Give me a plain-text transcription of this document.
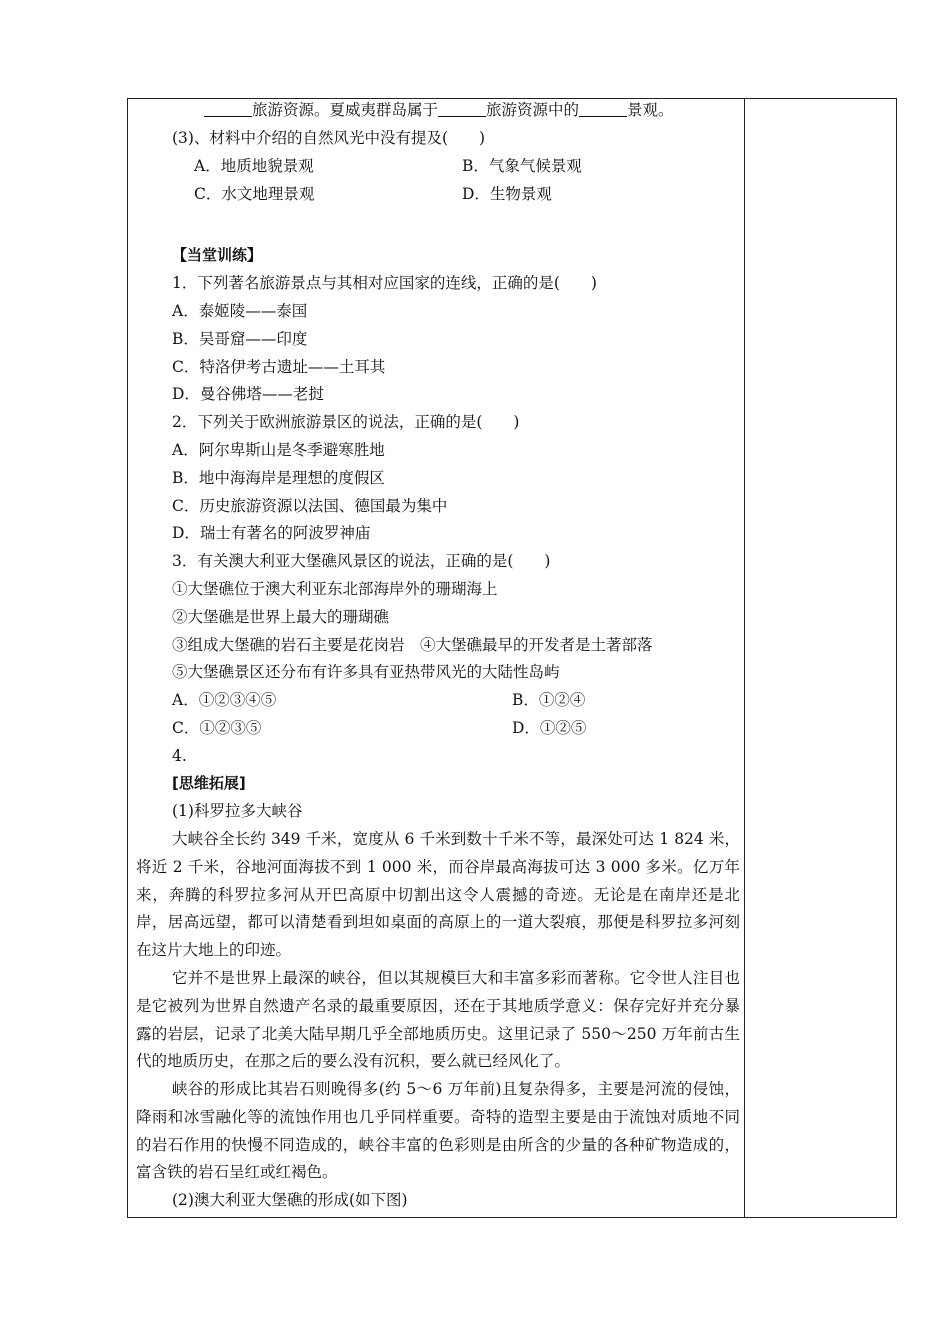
旅游资源。夏威夷群岛属于	旅游资源中的	景观。
(3)、材料中介绍的自然风光中没有提及(　　)
A．地质地貌景观	B．气象气候景观
C．水文地理景观	D．生物景观
【当堂训练】
1．下列著名旅游景点与其相对应国家的连线，正确的是(　　)
A．泰姬陵——泰国
B．吴哥窟——印度
C．特洛伊考古遗址——土耳其
D．曼谷佛塔——老挝
2．下列关于欧洲旅游景区的说法，正确的是(　　)
A．阿尔卑斯山是冬季避寒胜地
B．地中海海岸是理想的度假区
C．历史旅游资源以法国、德国最为集中
D．瑞士有著名的阿波罗神庙
3．有关澳大利亚大堡礁风景区的说法，正确的是(　　)
①大堡礁位于澳大利亚东北部海岸外的珊瑚海上
②大堡礁是世界上最大的珊瑚礁
③组成大堡礁的岩石主要是花岗岩　④大堡礁最早的开发者是土著部落
⑤大堡礁景区还分布有许多具有亚热带风光的大陆性岛屿
A．①②③④⑤	B．①②④
C．①②③⑤	D．①②⑤
4.
[思维拓展]
(1)科罗拉多大峡谷
大峡谷全长约 349 千米，宽度从 6 千米到数十千米不等，最深处可达 1 824 米，将近 2 千米，谷地河面海拔不到 1 000 米，而谷岸最高海拔可达 3 000 多米。亿万年来，奔腾的科罗拉多河从开巴高原中切割出这令人震撼的奇迹。无论是在南岸还是北岸，居高远望，都可以清楚看到坦如桌面的高原上的一道大裂痕，那便是科罗拉多河刻在这片大地上的印迹。
它并不是世界上最深的峡谷，但以其规模巨大和丰富多彩而著称。它令世人注目也是它被列为世界自然遗产名录的最重要原因，还在于其地质学意义：保存完好并充分暴露的岩层，记录了北美大陆早期几乎全部地质历史。这里记录了 550～250 万年前古生代的地质历史，在那之后的要么没有沉积，要么就已经风化了。
峡谷的形成比其岩石则晚得多(约 5～6 万年前)且复杂得多，主要是河流的侵蚀，降雨和冰雪融化等的流蚀作用也几乎同样重要。奇特的造型主要是由于流蚀对质地不同的岩石作用的快慢不同造成的，峡谷丰富的色彩则是由所含的少量的各种矿物造成的，富含铁的岩石呈红或红褐色。
(2)澳大利亚大堡礁的形成(如下图)
